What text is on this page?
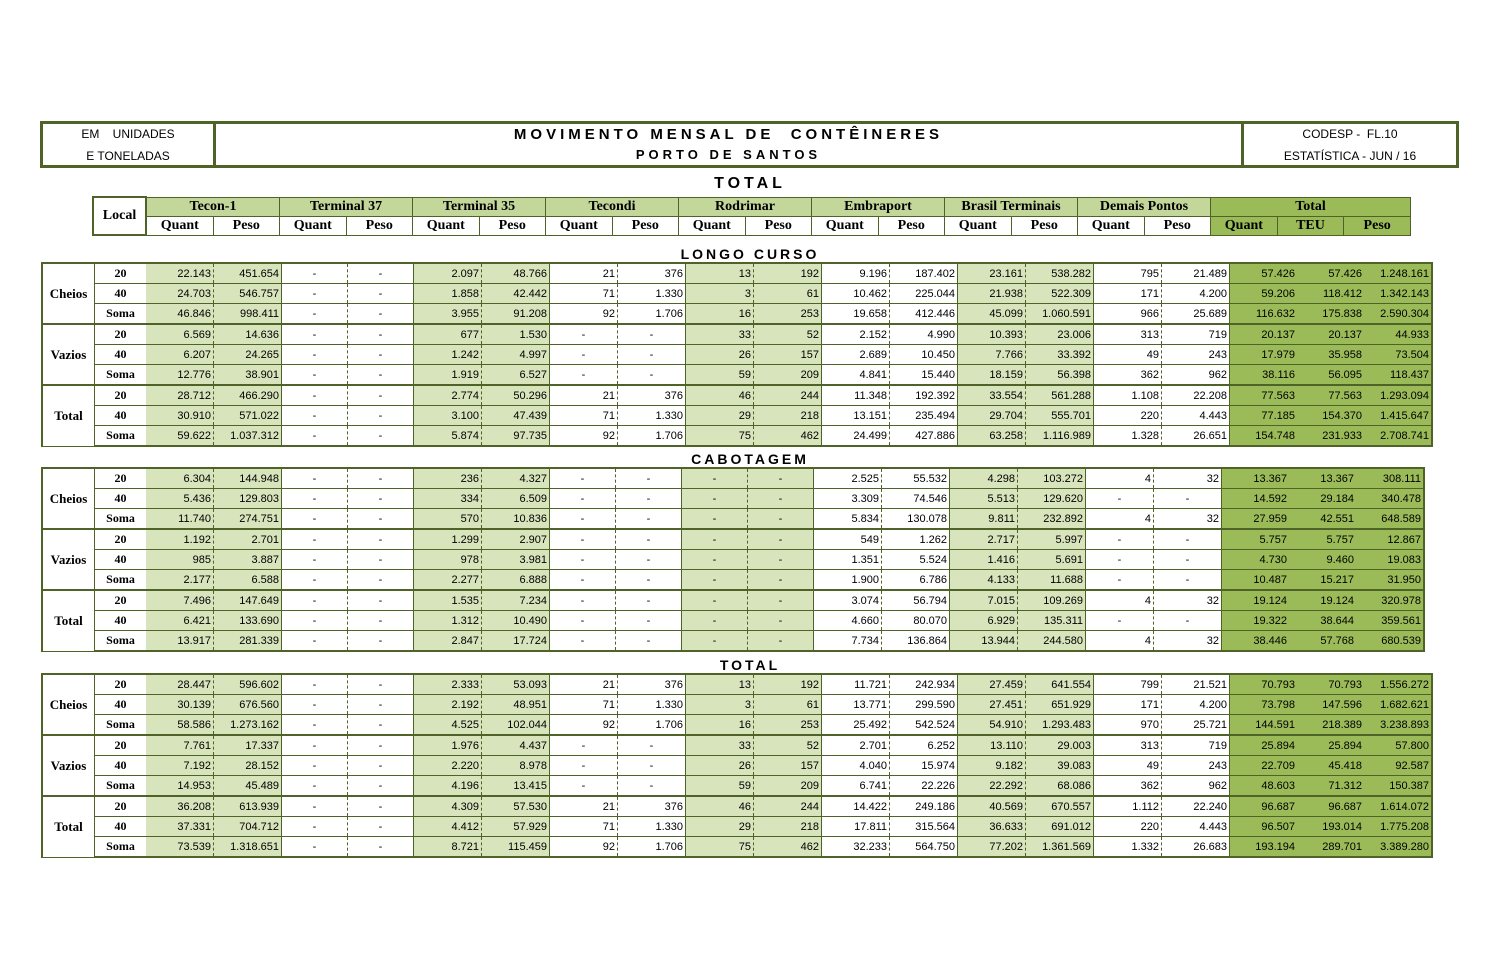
EM    UNIDADES
E TONELADAS
MOVIMENTO MENSAL DE  CONTÊINERES
PORTO DE SANTOS
CODESP -  FL.10
ESTATÍSTICA - JUN / 16
TOTAL
Local	Tecon-1		Terminal 37		Terminal 35		Tecondi		Rodrimar		Embraport		Brasil Terminais		Demais Pontos		Total		
	Quant	Peso	Quant	Peso	Quant	Peso	Quant	Peso	Quant	Peso	Quant	Peso	Quant	Peso	Quant	Peso	Quant	TEU	Peso
LONGO CURSO
Cheios	20	22.143	451.654	-	-	2.097	48.766	21	376	13	192	9.196	187.402	23.161	538.282	795	21.489	57.426	57.426	1.248.161
	40	24.703	546.757	-	-	1.858	42.442	71	1.330	3	61	10.462	225.044	21.938	522.309	171	4.200	59.206	118.412	1.342.143
	Soma	46.846	998.411	-	-	3.955	91.208	92	1.706	16	253	19.658	412.446	45.099	1.060.591	966	25.689	116.632	175.838	2.590.304
Vazios	20	6.569	14.636	-	-	677	1.530	-	-	33	52	2.152	4.990	10.393	23.006	313	719	20.137	20.137	44.933
	40	6.207	24.265	-	-	1.242	4.997	-	-	26	157	2.689	10.450	7.766	33.392	49	243	17.979	35.958	73.504
	Soma	12.776	38.901	-	-	1.919	6.527	-	-	59	209	4.841	15.440	18.159	56.398	362	962	38.116	56.095	118.437
Total	20	28.712	466.290	-	-	2.774	50.296	21	376	46	244	11.348	192.392	33.554	561.288	1.108	22.208	77.563	77.563	1.293.094
	40	30.910	571.022	-	-	3.100	47.439	71	1.330	29	218	13.151	235.494	29.704	555.701	220	4.443	77.185	154.370	1.415.647
	Soma	59.622	1.037.312	-	-	5.874	97.735	92	1.706	75	462	24.499	427.886	63.258	1.116.989	1.328	26.651	154.748	231.933	2.708.741
CABOTAGEM
Cheios	20	6.304	144.948	-	-	236	4.327	-	-	-	-	2.525	55.532	4.298	103.272	4	32	13.367	13.367	308.111
	40	5.436	129.803	-	-	334	6.509	-	-	-	-	3.309	74.546	5.513	129.620	-	-	14.592	29.184	340.478
	Soma	11.740	274.751	-	-	570	10.836	-	-	-	-	5.834	130.078	9.811	232.892	4	32	27.959	42.551	648.589
Vazios	20	1.192	2.701	-	-	1.299	2.907	-	-	-	-	549	1.262	2.717	5.997	-	-	5.757	5.757	12.867
	40	985	3.887	-	-	978	3.981	-	-	-	-	1.351	5.524	1.416	5.691	-	-	4.730	9.460	19.083
	Soma	2.177	6.588	-	-	2.277	6.888	-	-	-	-	1.900	6.786	4.133	11.688	-	-	10.487	15.217	31.950
Total	20	7.496	147.649	-	-	1.535	7.234	-	-	-	-	3.074	56.794	7.015	109.269	4	32	19.124	19.124	320.978
	40	6.421	133.690	-	-	1.312	10.490	-	-	-	-	4.660	80.070	6.929	135.311	-	-	19.322	38.644	359.561
	Soma	13.917	281.339	-	-	2.847	17.724	-	-	-	-	7.734	136.864	13.944	244.580	4	32	38.446	57.768	680.539
TOTAL
Cheios	20	28.447	596.602	-	-	2.333	53.093	21	376	13	192	11.721	242.934	27.459	641.554	799	21.521	70.793	70.793	1.556.272
	40	30.139	676.560	-	-	2.192	48.951	71	1.330	3	61	13.771	299.590	27.451	651.929	171	4.200	73.798	147.596	1.682.621
	Soma	58.586	1.273.162	-	-	4.525	102.044	92	1.706	16	253	25.492	542.524	54.910	1.293.483	970	25.721	144.591	218.389	3.238.893
Vazios	20	7.761	17.337	-	-	1.976	4.437	-	-	33	52	2.701	6.252	13.110	29.003	313	719	25.894	25.894	57.800
	40	7.192	28.152	-	-	2.220	8.978	-	-	26	157	4.040	15.974	9.182	39.083	49	243	22.709	45.418	92.587
	Soma	14.953	45.489	-	-	4.196	13.415	-	-	59	209	6.741	22.226	22.292	68.086	362	962	48.603	71.312	150.387
Total	20	36.208	613.939	-	-	4.309	57.530	21	376	46	244	14.422	249.186	40.569	670.557	1.112	22.240	96.687	96.687	1.614.072
	40	37.331	704.712	-	-	4.412	57.929	71	1.330	29	218	17.811	315.564	36.633	691.012	220	4.443	96.507	193.014	1.775.208
	Soma	73.539	1.318.651	-	-	8.721	115.459	92	1.706	75	462	32.233	564.750	77.202	1.361.569	1.332	26.683	193.194	289.701	3.389.280
